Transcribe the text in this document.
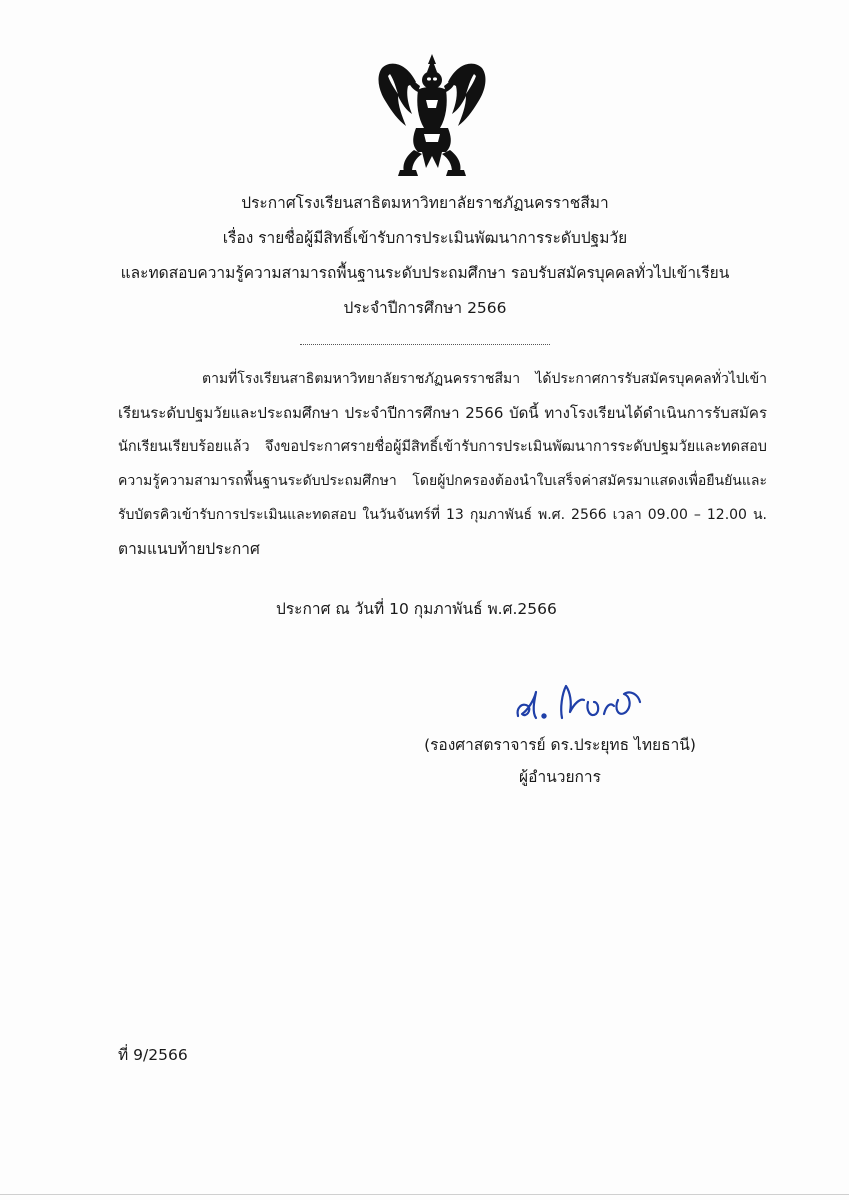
ประกาศโรงเรียนสาธิตมหาวิทยาลัยราชภัฏนครราชสีมา
เรื่อง รายชื่อผู้มีสิทธิ์เข้ารับการประเมินพัฒนาการระดับปฐมวัย
และทดสอบความรู้ความสามารถพื้นฐานระดับประถมศึกษา รอบรับสมัครบุคคลทั่วไปเข้าเรียน
ประจำปีการศึกษา 2566
ตามที่โรงเรียนสาธิตมหาวิทยาลัยราชภัฏนครราชสีมา ได้ประกาศการรับสมัครบุคคลทั่วไปเข้า
เรียนระดับปฐมวัยและประถมศึกษา ประจำปีการศึกษา 2566 บัดนี้ ทางโรงเรียนได้ดำเนินการรับสมัคร
นักเรียนเรียบร้อยแล้ว จึงขอประกาศรายชื่อผู้มีสิทธิ์เข้ารับการประเมินพัฒนาการระดับปฐมวัยและทดสอบ
ความรู้ความสามารถพื้นฐานระดับประถมศึกษา โดยผู้ปกครองต้องนำใบเสร็จค่าสมัครมาแสดงเพื่อยืนยันและ
รับบัตรคิวเข้ารับการประเมินและทดสอบ ในวันจันทร์ที่ 13 กุมภาพันธ์ พ.ศ. 2566 เวลา 09.00 – 12.00 น.
ตามแนบท้ายประกาศ
ประกาศ ณ วันที่ 10 กุมภาพันธ์ พ.ศ.2566
(รองศาสตราจารย์ ดร.ประยุทธ ไทยธานี)
ผู้อำนวยการ
ที่ 9/2566
